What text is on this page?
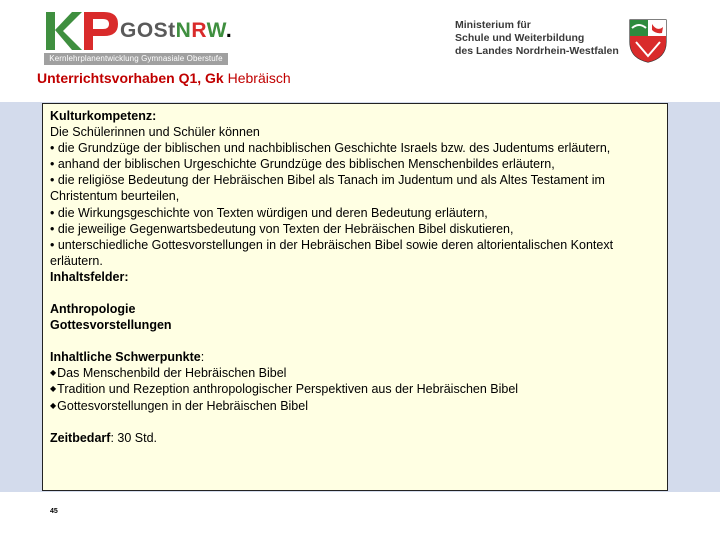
GOStNRW.
Kernlehrplanentwicklung Gymnasiale Oberstufe
Ministerium für
Schule und Weiterbildung
des Landes Nordrhein-Westfalen
Unterrichtsvorhaben Q1, Gk Hebräisch

Kulturkompetenz:

Die Schülerinnen und Schüler können

• die Grundzüge der biblischen und nachbiblischen Geschichte Israels bzw. des Judentums erläutern,

• anhand der biblischen Urgeschichte Grundzüge des biblischen Menschenbildes erläutern,

• die religiöse Bedeutung der Hebräischen Bibel als Tanach im Judentum und als Altes Testament im Christentum beurteilen,

• die Wirkungsgeschichte von Texten würdigen und deren Bedeutung erläutern,

• die jeweilige Gegenwartsbedeutung von Texten der Hebräischen Bibel diskutieren,

• unterschiedliche Gottesvorstellungen in der Hebräischen Bibel sowie deren altorientalischen Kontext erläutern.

Inhaltsfelder:

Anthropologie

Gottesvorstellungen

Inhaltliche Schwerpunkte:

◆ Das Menschenbild der Hebräischen Bibel

◆ Tradition und Rezeption anthropologischer Perspektiven aus der Hebräischen Bibel

◆ Gottesvorstellungen in der Hebräischen Bibel

Zeitbedarf: 30 Std.

45
